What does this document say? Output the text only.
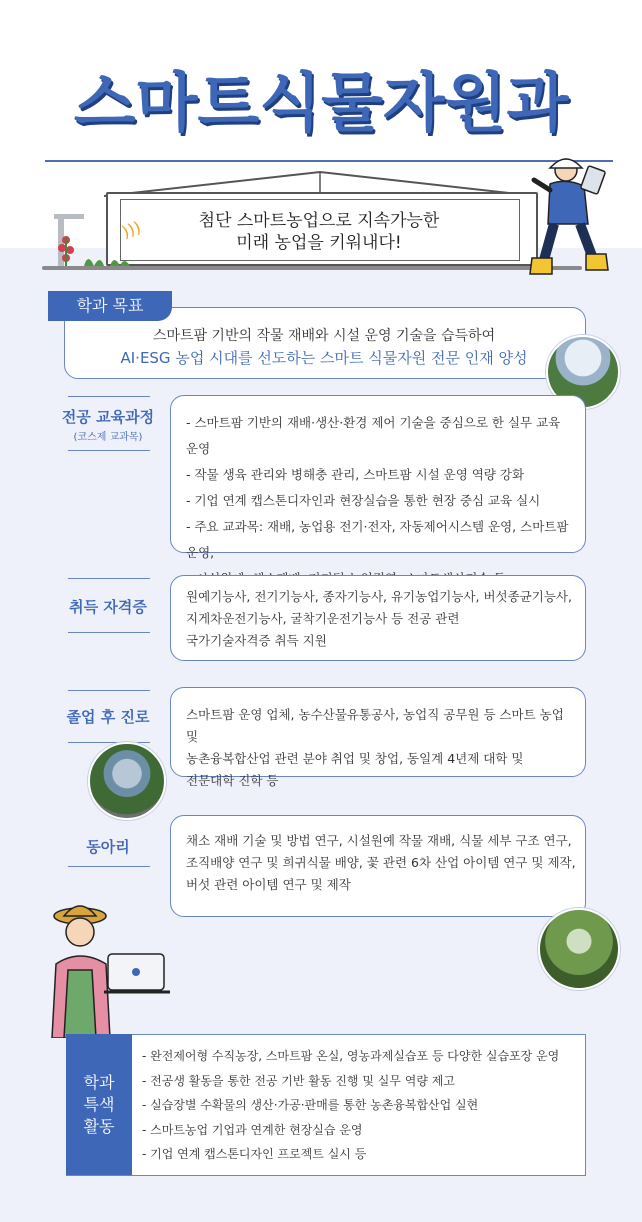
스마트식물자원과
첨단 스마트농업으로 지속가능한
미래 농업을 키워내다!
)))
학과 목표
스마트팜 기반의 작물 재배와 시설 운영 기술을 습득하여
AI·ESG 농업 시대를 선도하는 스마트 식물자원 전문 인재 양성
전공 교육과정
(코스제 교과목)
- 스마트팜 기반의 재배·생산·환경 제어 기술을 중심으로 한 실무 교육 운영
- 작물 생육 관리와 병해충 관리, 스마트팜 시설 운영 역량 강화
- 기업 연계 캡스톤디자인과 현장실습을 통한 현장 중심 교육 실시
- 주요 교과목: 재배, 농업용 전기·전자, 자동제어시스템 운영, 스마트팜 운영,
취득 자격증

원예기능사, 전기기능사, 종자기능사, 유기농업기능사, 버섯종균기능사,

지게차운전기능사, 굴착기운전기능사 등 전공 관련

국가기술자격증 취득 지원

졸업 후 진로	스마트팜 운영 업체, 농수산물유통공사, 농업직 공무원 등 스마트 농업 및

농촌융복합산업 관련 분야 취업 및 창업, 동일계 4년제 대학 및

전문대학 진학 등

동아리	채소 재배 기술 및 방법 연구, 시설원예 작물 재배, 식물 세부 구조 연구,

조직배양 연구 및 희귀식물 배양, 꽃 관련 6차 산업 아이템 연구 및 제작,

버섯 관련 아이템 연구 및 제작

학과
특색
활동
- 완전제어형 수직농장, 스마트팜 온실, 영농과제실습포 등 다양한 실습포장 운영
- 전공생 활동을 통한 전공 기반 활동 진행 및 실무 역량 제고
- 실습장별 수확물의 생산·가공·판매를 통한 농촌융복합산업 실현
- 스마트농업 기업과 연계한 현장실습 운영
- 기업 연계 캡스톤디자인 프로젝트 실시 등
